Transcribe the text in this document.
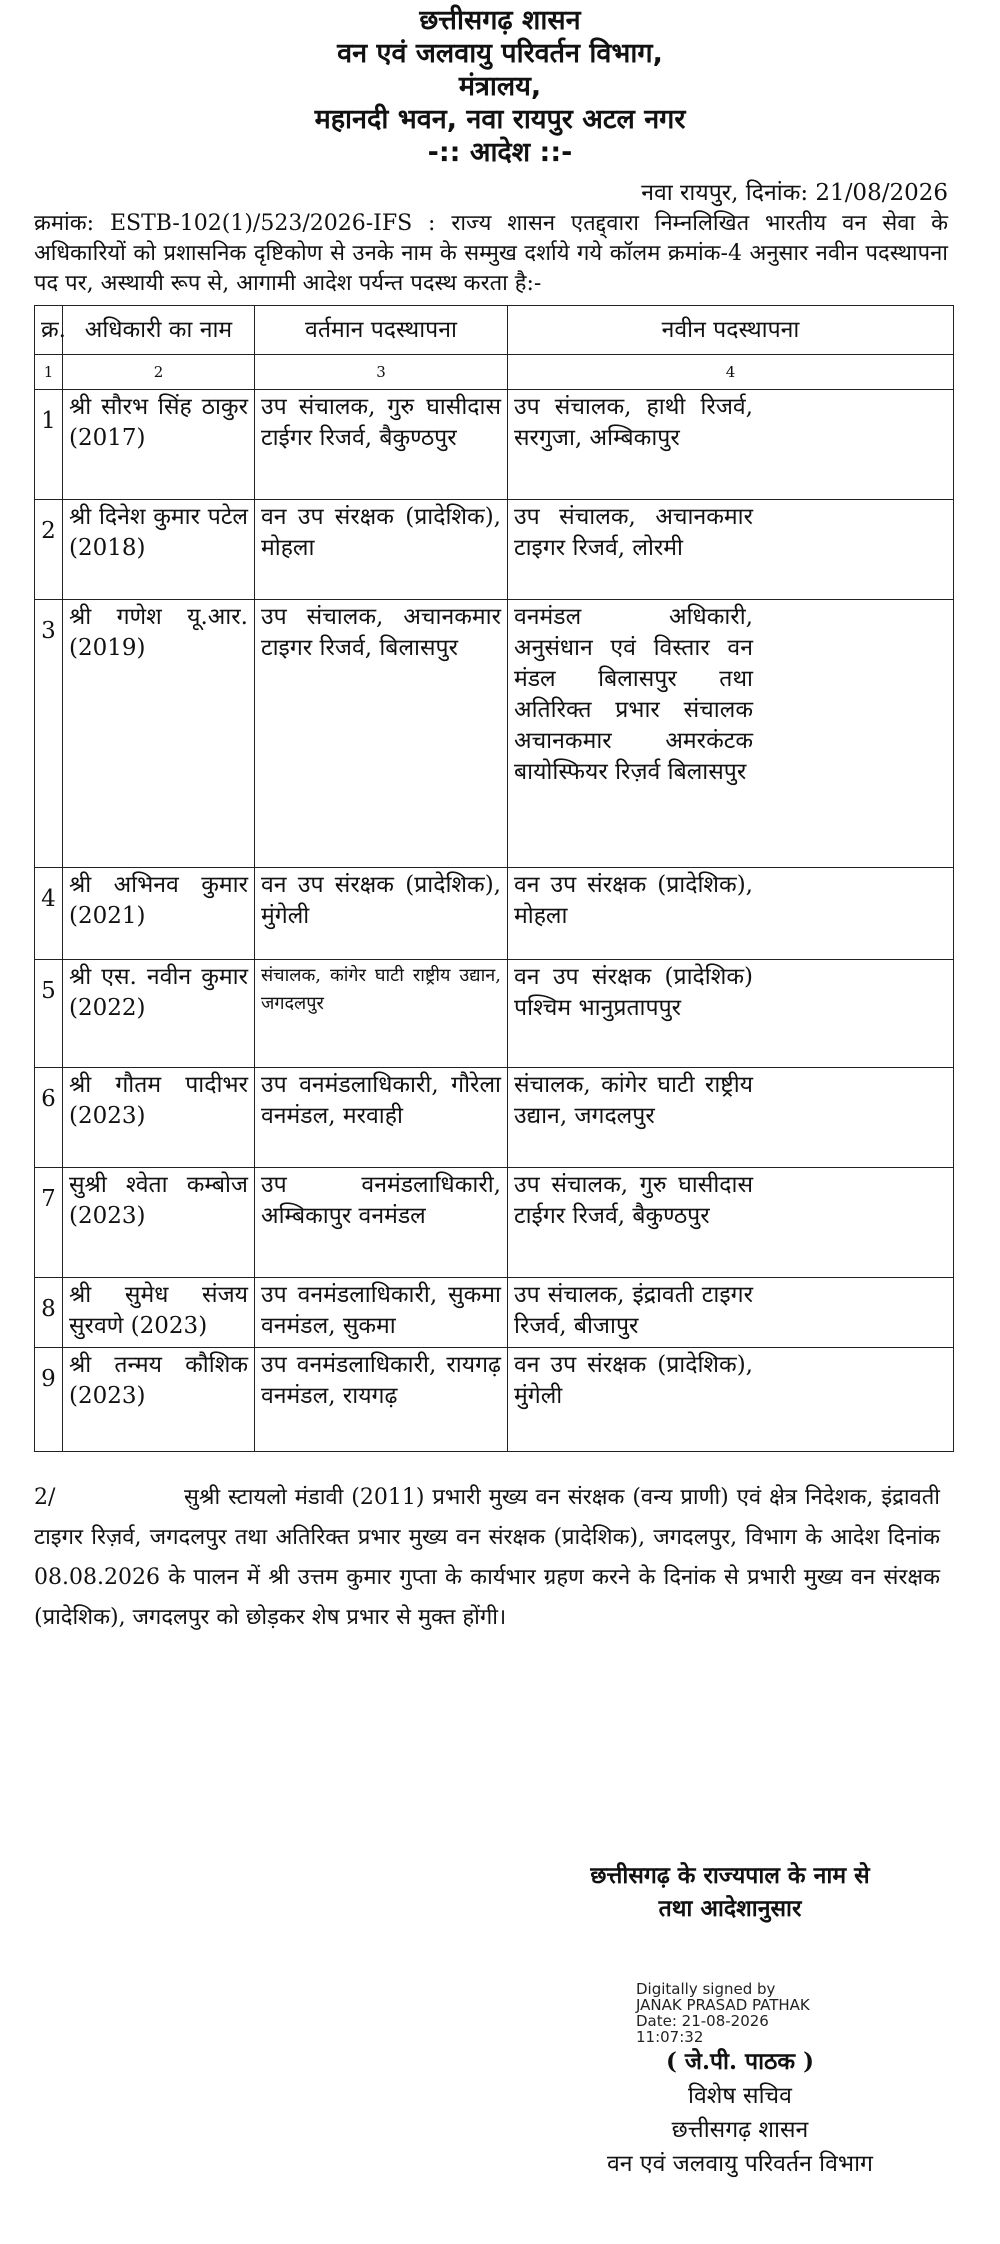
छत्तीसगढ़ शासन
वन एवं जलवायु परिवर्तन विभाग,
मंत्रालय,
महानदी भवन, नवा रायपुर अटल नगर
-:: आदेश ::-
नवा रायपुर, दिनांक: 21/08/2026
क्रमांक: ESTB-102(1)/523/2026-IFS : राज्य शासन एतद्द्वारा निम्नलिखित भारतीय वन सेवा के अधिकारियों को प्रशासनिक दृष्टिकोण से उनके नाम के सम्मुख दर्शाये गये कॉलम क्रमांक-4 अनुसार नवीन पदस्थापना पद पर, अस्थायी रूप से, आगामी आदेश पर्यन्त पदस्थ करता है:-
क्र.	अधिकारी का नाम	वर्तमान पदस्थापना	नवीन पदस्थापना
1	2	3	4
1	श्री सौरभ सिंह ठाकुर (2017)	उप संचालक, गुरु घासीदास टाईगर रिजर्व, बैकुण्ठपुर	उप संचालक, हाथी रिजर्व, सरगुजा, अम्बिकापुर
2	श्री दिनेश कुमार पटेल (2018)	वन उप संरक्षक (प्रादेशिक), मोहला	उप संचालक, अचानकमार टाइगर रिजर्व, लोरमी
3	श्री गणेश यू.आर. (2019)	उप संचालक, अचानकमार टाइगर रिजर्व, बिलासपुर	वनमंडल अधिकारी, अनुसंधान एवं विस्तार वन मंडल बिलासपुर तथा अतिरिक्त प्रभार संचालक अचानकमार अमरकंटक बायोस्फियर रिज़र्व बिलासपुर
4	श्री अभिनव कुमार (2021)	वन उप संरक्षक (प्रादेशिक), मुंगेली	वन उप संरक्षक (प्रादेशिक), मोहला
5	श्री एस. नवीन कुमार (2022)	संचालक, कांगेर घाटी राष्ट्रीय उद्यान, जगदलपुर	वन उप संरक्षक (प्रादेशिक) पश्चिम भानुप्रतापपुर
6	श्री गौतम पादीभर (2023)	उप वनमंडलाधिकारी, गौरेला वनमंडल, मरवाही	संचालक, कांगेर घाटी राष्ट्रीय उद्यान, जगदलपुर
7	सुश्री श्वेता कम्बोज (2023)	उप वनमंडलाधिकारी, अम्बिकापुर वनमंडल	उप संचालक, गुरु घासीदास टाईगर रिजर्व, बैकुण्ठपुर
8	श्री सुमेध संजय सुरवणे (2023)	उप वनमंडलाधिकारी, सुकमा वनमंडल, सुकमा	उप संचालक, इंद्रावती टाइगर रिजर्व, बीजापुर
9	श्री तन्मय कौशिक (2023)	उप वनमंडलाधिकारी, रायगढ़ वनमंडल, रायगढ़	वन उप संरक्षक (प्रादेशिक), मुंगेली
2/	सुश्री स्टायलो मंडावी (2011) प्रभारी मुख्य वन संरक्षक (वन्य प्राणी) एवं क्षेत्र निदेशक, इंद्रावती टाइगर रिज़र्व, जगदलपुर तथा अतिरिक्त प्रभार मुख्य वन संरक्षक (प्रादेशिक), जगदलपुर, विभाग के आदेश दिनांक 08.08.2026 के पालन में श्री उत्तम कुमार गुप्ता के कार्यभार ग्रहण करने के दिनांक से प्रभारी मुख्य वन संरक्षक (प्रादेशिक), जगदलपुर को छोड़कर शेष प्रभार से मुक्त होंगी।
छत्तीसगढ़ के राज्यपाल के नाम से
तथा आदेशानुसार
Digitally signed by
JANAK PRASAD PATHAK
Date: 21-08-2026
11:07:32
( जे.पी. पाठक )
विशेष सचिव
छत्तीसगढ़ शासन
वन एवं जलवायु परिवर्तन विभाग
